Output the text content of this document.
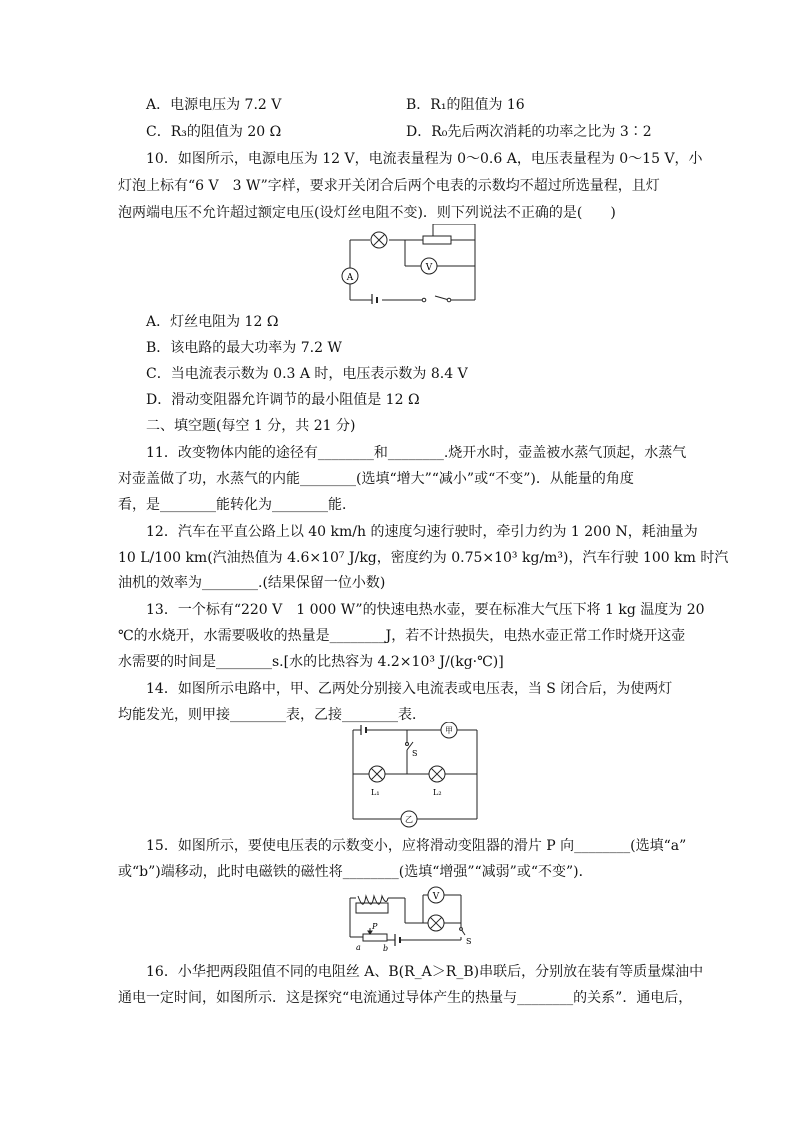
A．电源电压为 7.2 V	B．R₁的阻值为 16
C．R₃的阻值为 20 Ω	D．R₀先后两次消耗的功率之比为 3∶2
10．如图所示，电源电压为 12 V，电流表量程为 0～0.6 A，电压表量程为 0～15 V，小
灯泡上标有“6 V　3 W”字样，要求开关闭合后两个电表的示数均不超过所选量程，且灯
泡两端电压不允许超过额定电压(设灯丝电阻不变)．则下列说法不正确的是(　　)
V
A
A．灯丝电阻为 12 Ω
B．该电路的最大功率为 7.2 W
C．当电流表示数为 0.3 A 时，电压表示数为 8.4 V
D．滑动变阻器允许调节的最小阻值是 12 Ω
二、填空题(每空 1 分，共 21 分)
11．改变物体内能的途径有________和________.烧开水时，壶盖被水蒸气顶起，水蒸气
对壶盖做了功，水蒸气的内能________(选填“增大”“减小”或“不变”)．从能量的角度
看，是________能转化为________能．
12．汽车在平直公路上以 40 km/h 的速度匀速行驶时，牵引力约为 1 200 N，耗油量为
10 L/100 km(汽油热值为 4.6×10⁷ J/kg，密度约为 0.75×10³ kg/m³)，汽车行驶 100 km 时汽
油机的效率为________.(结果保留一位小数)
13．一个标有“220 V　1 000 W”的快速电热水壶，要在标准大气压下将 1 kg 温度为 20
℃的水烧开，水需要吸收的热量是________J，若不计热损失，电热水壶正常工作时烧开这壶
水需要的时间是________s.[水的比热容为 4.2×10³ J/(kg·℃)]
14．如图所示电路中，甲、乙两处分别接入电流表或电压表，当 S 闭合后，为使两灯
均能发光，则甲接________表，乙接________表．
甲
乙
S
L₁	L₂
15．如图所示，要使电压表的示数变小，应将滑动变阻器的滑片 P 向________(选填“a”
或“b”)端移动，此时电磁铁的磁性将________(选填“增强”“减弱”或“不变”)．
V
S
P
a	b
16．小华把两段阻值不同的电阻丝 A、B(R_A＞R_B)串联后，分别放在装有等质量煤油中
通电一定时间，如图所示．这是探究“电流通过导体产生的热量与________的关系”．通电后，
